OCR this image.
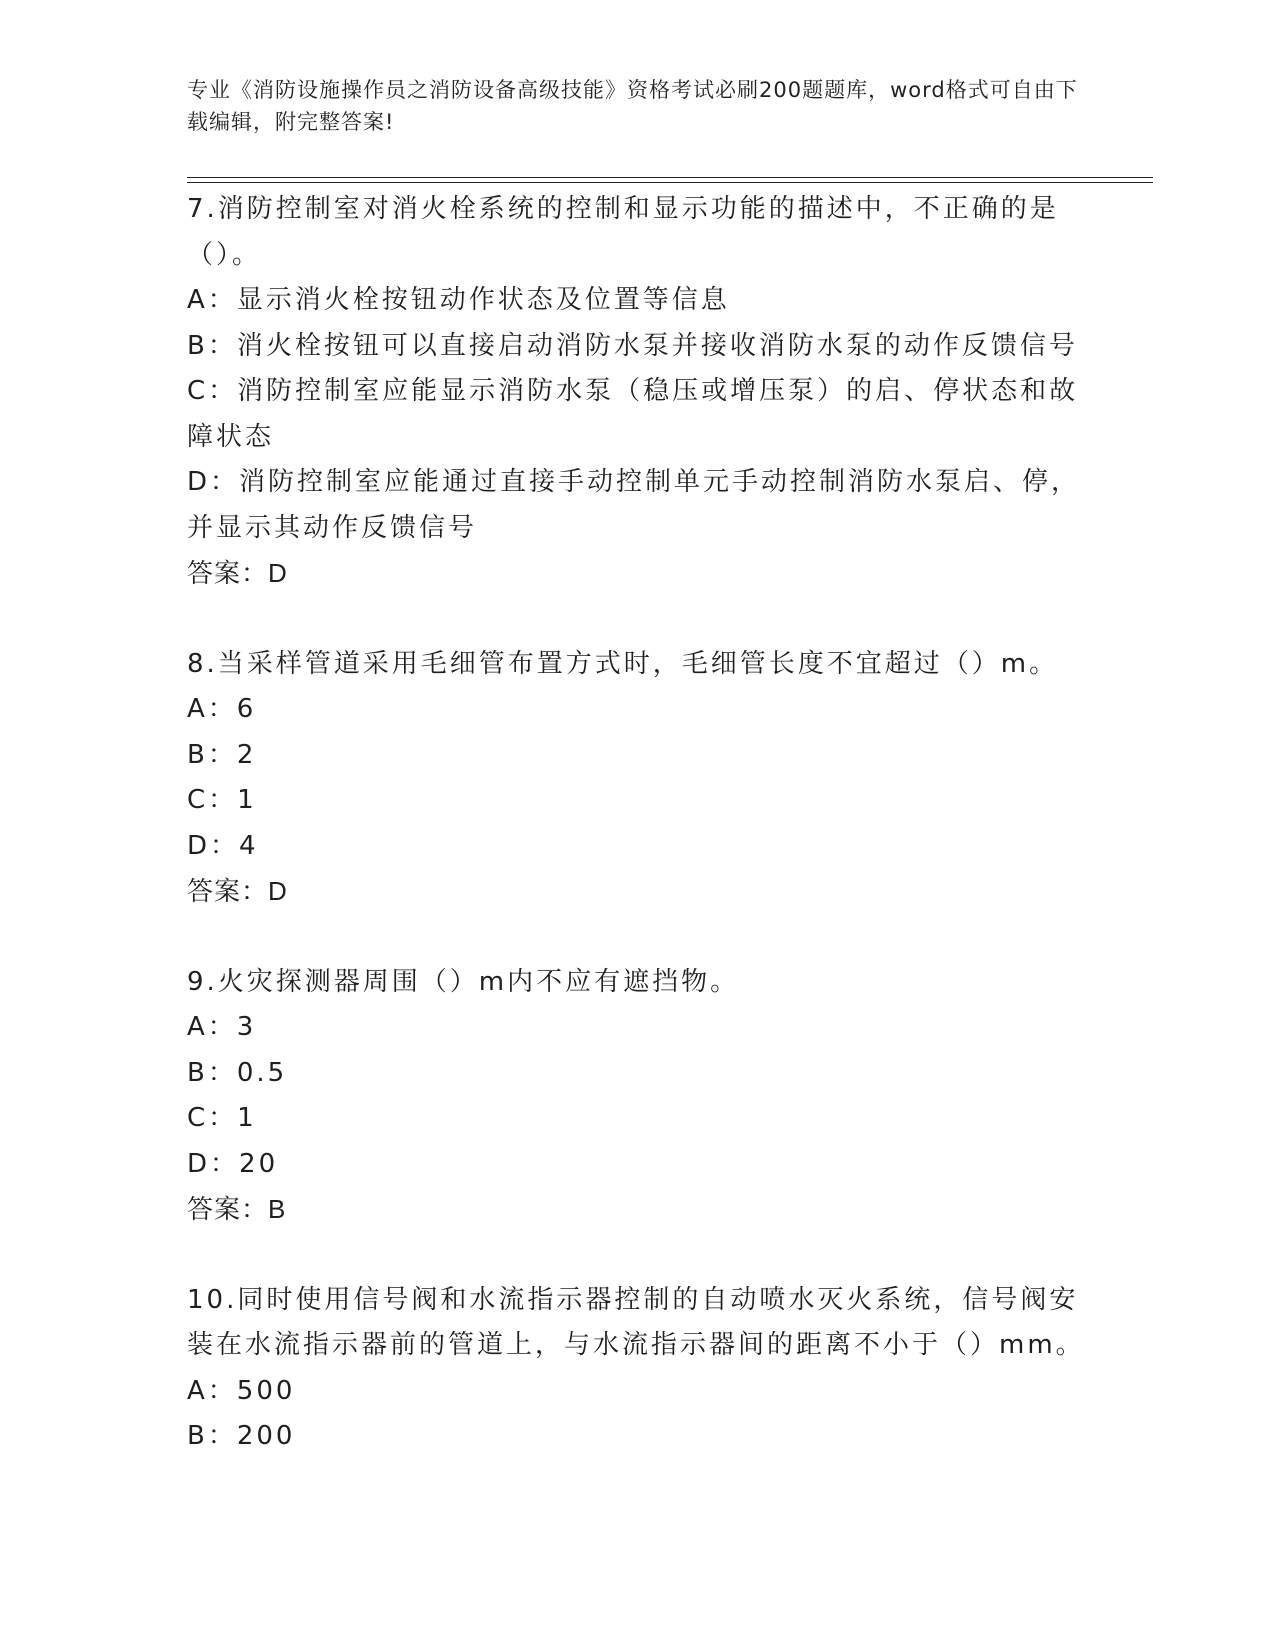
专业《消防设施操作员之消防设备高级技能》资格考试必刷200题题库，word格式可自由下载编辑，附完整答案!
7.消防控制室对消火栓系统的控制和显示功能的描述中，不正确的是（）。
A：显示消火栓按钮动作状态及位置等信息
B：消火栓按钮可以直接启动消防水泵并接收消防水泵的动作反馈信号
C：消防控制室应能显示消防水泵（稳压或增压泵）的启、停状态和故障状态
D：消防控制室应能通过直接手动控制单元手动控制消防水泵启、停，并显示其动作反馈信号
答案：D
8.当采样管道采用毛细管布置方式时，毛细管长度不宜超过（）m。
A：6
B：2
C：1
D：4
答案：D
9.火灾探测器周围（）m内不应有遮挡物。
A：3
B：0.5
C：1
D：20
答案：B
10.同时使用信号阀和水流指示器控制的自动喷水灭火系统，信号阀安装在水流指示器前的管道上，与水流指示器间的距离不小于（）mm。
A：500
B：200
